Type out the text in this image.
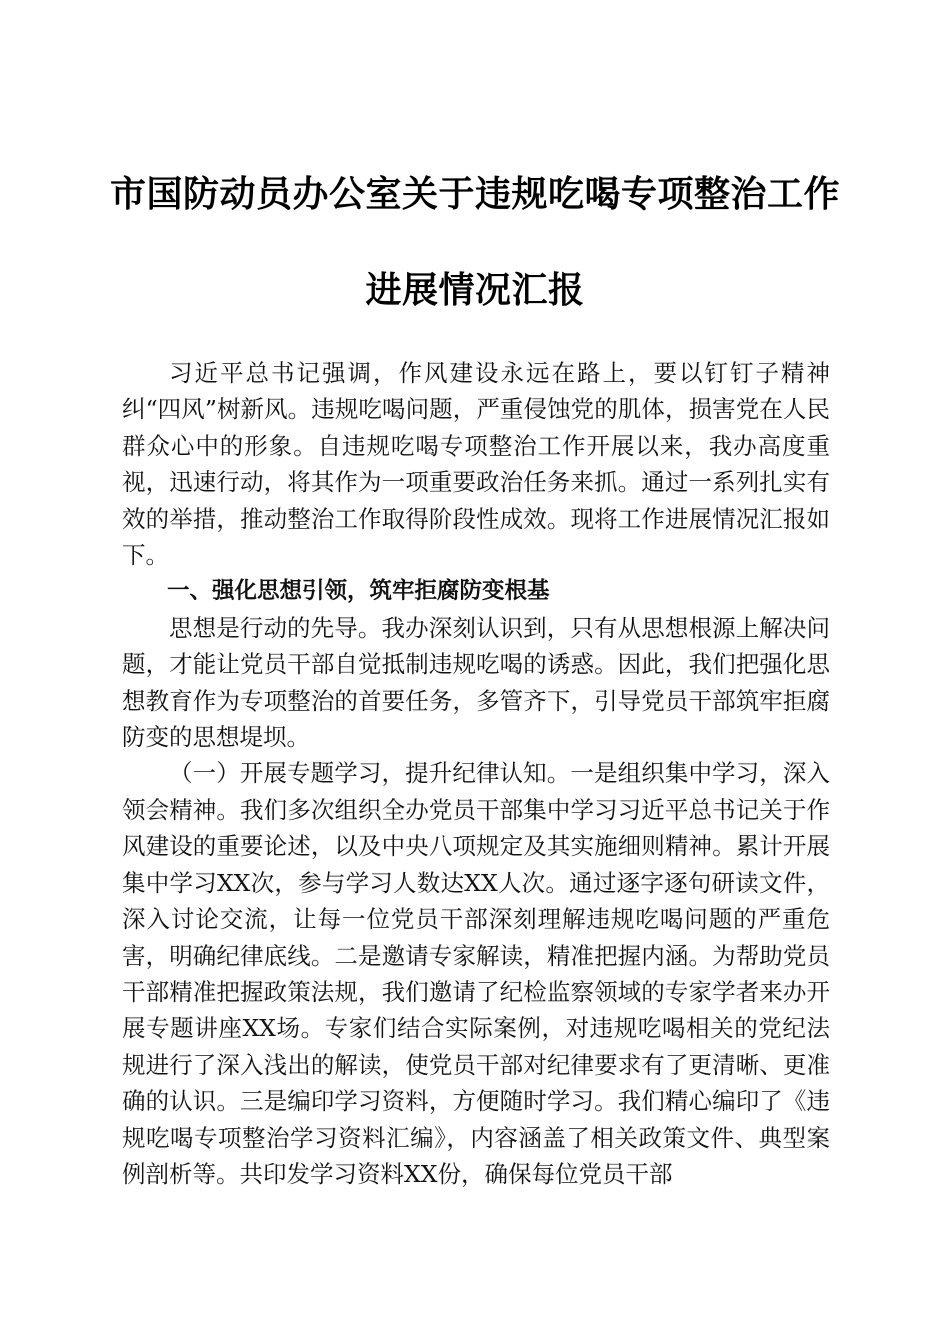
市国防动员办公室关于违规吃喝专项整治工作
进展情况汇报

习近平总书记强调，作风建设永远在路上，要以钉钉子精神纠“四风”树新风。违规吃喝问题，严重侵蚀党的肌体，损害党在人民群众心中的形象。自违规吃喝专项整治工作开展以来，我办高度重视，迅速行动，将其作为一项重要政治任务来抓。通过一系列扎实有效的举措，推动整治工作取得阶段性成效。现将工作进展情况汇报如下。

一、强化思想引领，筑牢拒腐防变根基

思想是行动的先导。我办深刻认识到，只有从思想根源上解决问题，才能让党员干部自觉抵制违规吃喝的诱惑。因此，我们把强化思想教育作为专项整治的首要任务，多管齐下，引导党员干部筑牢拒腐防变的思想堤坝。

（一）开展专题学习，提升纪律认知。一是组织集中学习，深入领会精神。我们多次组织全办党员干部集中学习习近平总书记关于作风建设的重要论述，以及中央八项规定及其实施细则精神。累计开展集中学习XX次，参与学习人数达XX人次。通过逐字逐句研读文件，深入讨论交流，让每一位党员干部深刻理解违规吃喝问题的严重危害，明确纪律底线。二是邀请专家解读，精准把握内涵。为帮助党员干部精准把握政策法规，我们邀请了纪检监察领域的专家学者来办开展专题讲座XX场。专家们结合实际案例，对违规吃喝相关的党纪法规进行了深入浅出的解读，使党员干部对纪律要求有了更清晰、更准确的认识。三是编印学习资料，方便随时学习。我们精心编印了《违规吃喝专项整治学习资料汇编》，内容涵盖了相关政策文件、典型案例剖析等。共印发学习资料XX份，确保每位党员干部
